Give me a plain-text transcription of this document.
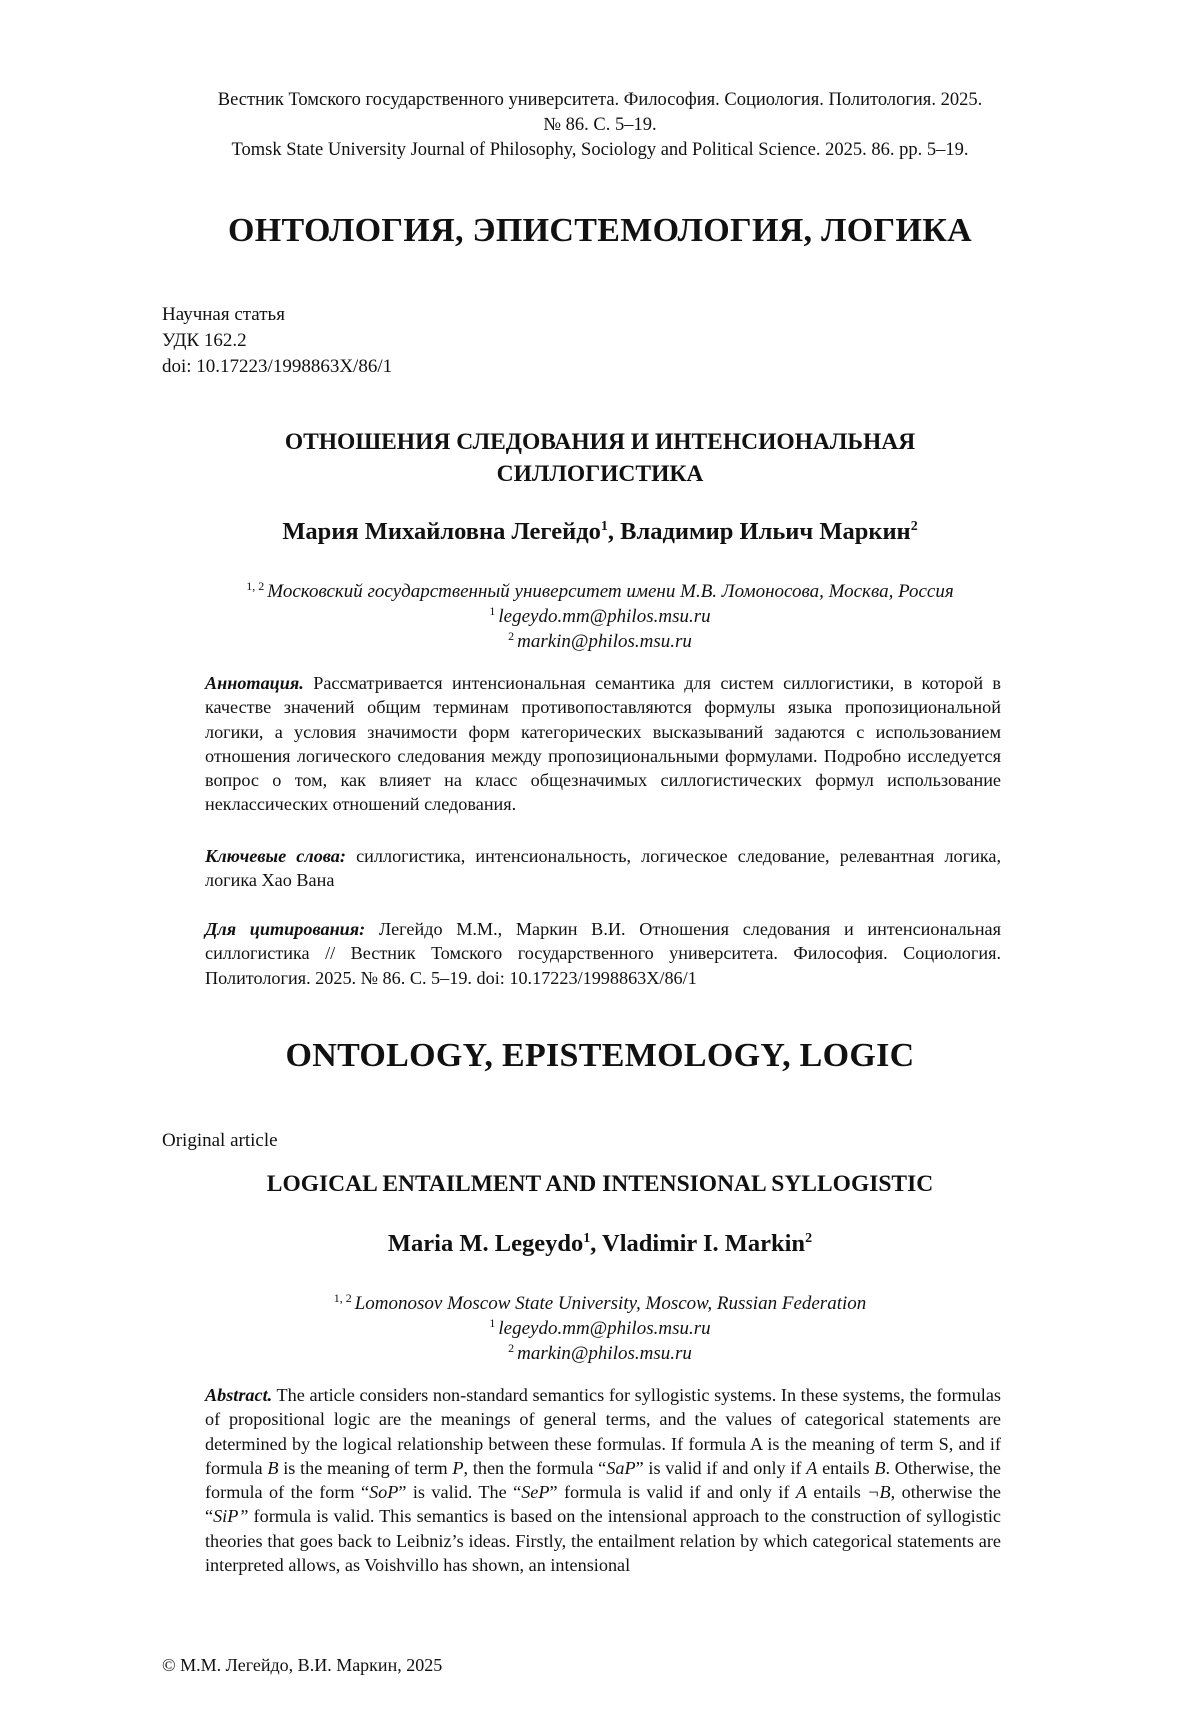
Вестник Томского государственного университета. Философия. Социология. Политология. 2025.
№ 86. С. 5–19.
Tomsk State University Journal of Philosophy, Sociology and Political Science. 2025. 86. pp. 5–19.
ОНТОЛОГИЯ, ЭПИСТЕМОЛОГИЯ, ЛОГИКА
Научная статья
УДК 162.2
doi: 10.17223/1998863X/86/1
ОТНОШЕНИЯ СЛЕДОВАНИЯ И ИНТЕНСИОНАЛЬНАЯ
СИЛЛОГИСТИКА
Мария Михайловна Легейдо$^1$, Владимир Ильич Маркин$^2$
$^{1, 2}$ Московский государственный университет имени М.В. Ломоносова, Москва, Россия
$^1$ legeydo.mm@philos.msu.ru
$^2$ markin@philos.msu.ru
Аннотация. Рассматривается интенсиональная семантика для систем силлогистики, в которой в качестве значений общим терминам противопоставляются формулы языка пропозициональной логики, а условия значимости форм категорических высказываний задаются с использованием отношения логического следования между пропозициональными формулами. Подробно исследуется вопрос о том, как влияет на класс общезначимых силлогистических формул использование неклассических отношений следования.
Ключевые слова: силлогистика, интенсиональность, логическое следование, релевантная логика, логика Хао Вана
Для цитирования: Легейдо М.М., Маркин В.И. Отношения следования и интенсиональная силлогистика // Вестник Томского государственного университета. Философия. Социология. Политология. 2025. № 86. С. 5–19. doi: 10.17223/1998863X/86/1
ONTOLOGY, EPISTEMOLOGY, LOGIC
Original article
LOGICAL ENTAILMENT AND INTENSIONAL SYLLOGISTIC
Maria M. Legeydo$^1$, Vladimir I. Markin$^2$
$^{1, 2}$ Lomonosov Moscow State University, Moscow, Russian Federation
$^1$ legeydo.mm@philos.msu.ru
$^2$ markin@philos.msu.ru
Abstract. The article considers non-standard semantics for syllogistic systems. In these systems, the formulas of propositional logic are the meanings of general terms, and the values of categorical statements are determined by the logical relationship between these formulas. If formula A is the meaning of term S, and if formula B is the meaning of term P, then the formula “SaP” is valid if and only if A entails B. Otherwise, the formula of the form “SoP” is valid. The “SeP” formula is valid if and only if A entails ¬B, otherwise the “SiP” formula is valid. This semantics is based on the intensional approach to the construction of syllogistic theories that goes back to Leibniz’s ideas. Firstly, the entailment relation by which categorical statements are interpreted allows, as Voishvillo has shown, an intensional
© М.М. Легейдо, В.И. Маркин, 2025
